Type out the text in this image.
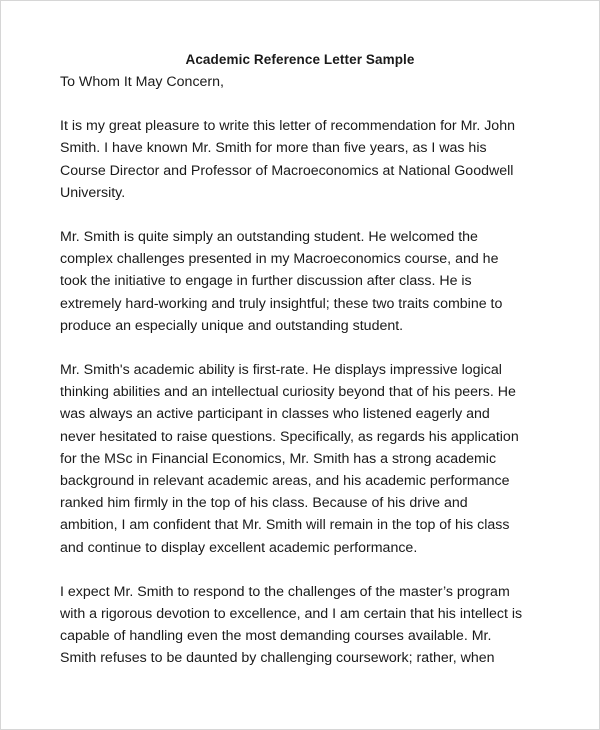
Academic Reference Letter Sample
To Whom It May Concern,
It is my great pleasure to write this letter of recommendation for Mr. John
Smith. I have known Mr. Smith for more than five years, as I was his
Course Director and Professor of Macroeconomics at National Goodwell
University.
Mr. Smith is quite simply an outstanding student. He welcomed the
complex challenges presented in my Macroeconomics course, and he
took the initiative to engage in further discussion after class. He is
extremely hard-working and truly insightful; these two traits combine to
produce an especially unique and outstanding student.
Mr. Smith's academic ability is first-rate. He displays impressive logical
thinking abilities and an intellectual curiosity beyond that of his peers. He
was always an active participant in classes who listened eagerly and
never hesitated to raise questions. Specifically, as regards his application
for the MSc in Financial Economics, Mr. Smith has a strong academic
background in relevant academic areas, and his academic performance
ranked him firmly in the top of his class. Because of his drive and
ambition, I am confident that Mr. Smith will remain in the top of his class
and continue to display excellent academic performance.
I expect Mr. Smith to respond to the challenges of the master’s program
with a rigorous devotion to excellence, and I am certain that his intellect is
capable of handling even the most demanding courses available. Mr.
Smith refuses to be daunted by challenging coursework; rather, when
